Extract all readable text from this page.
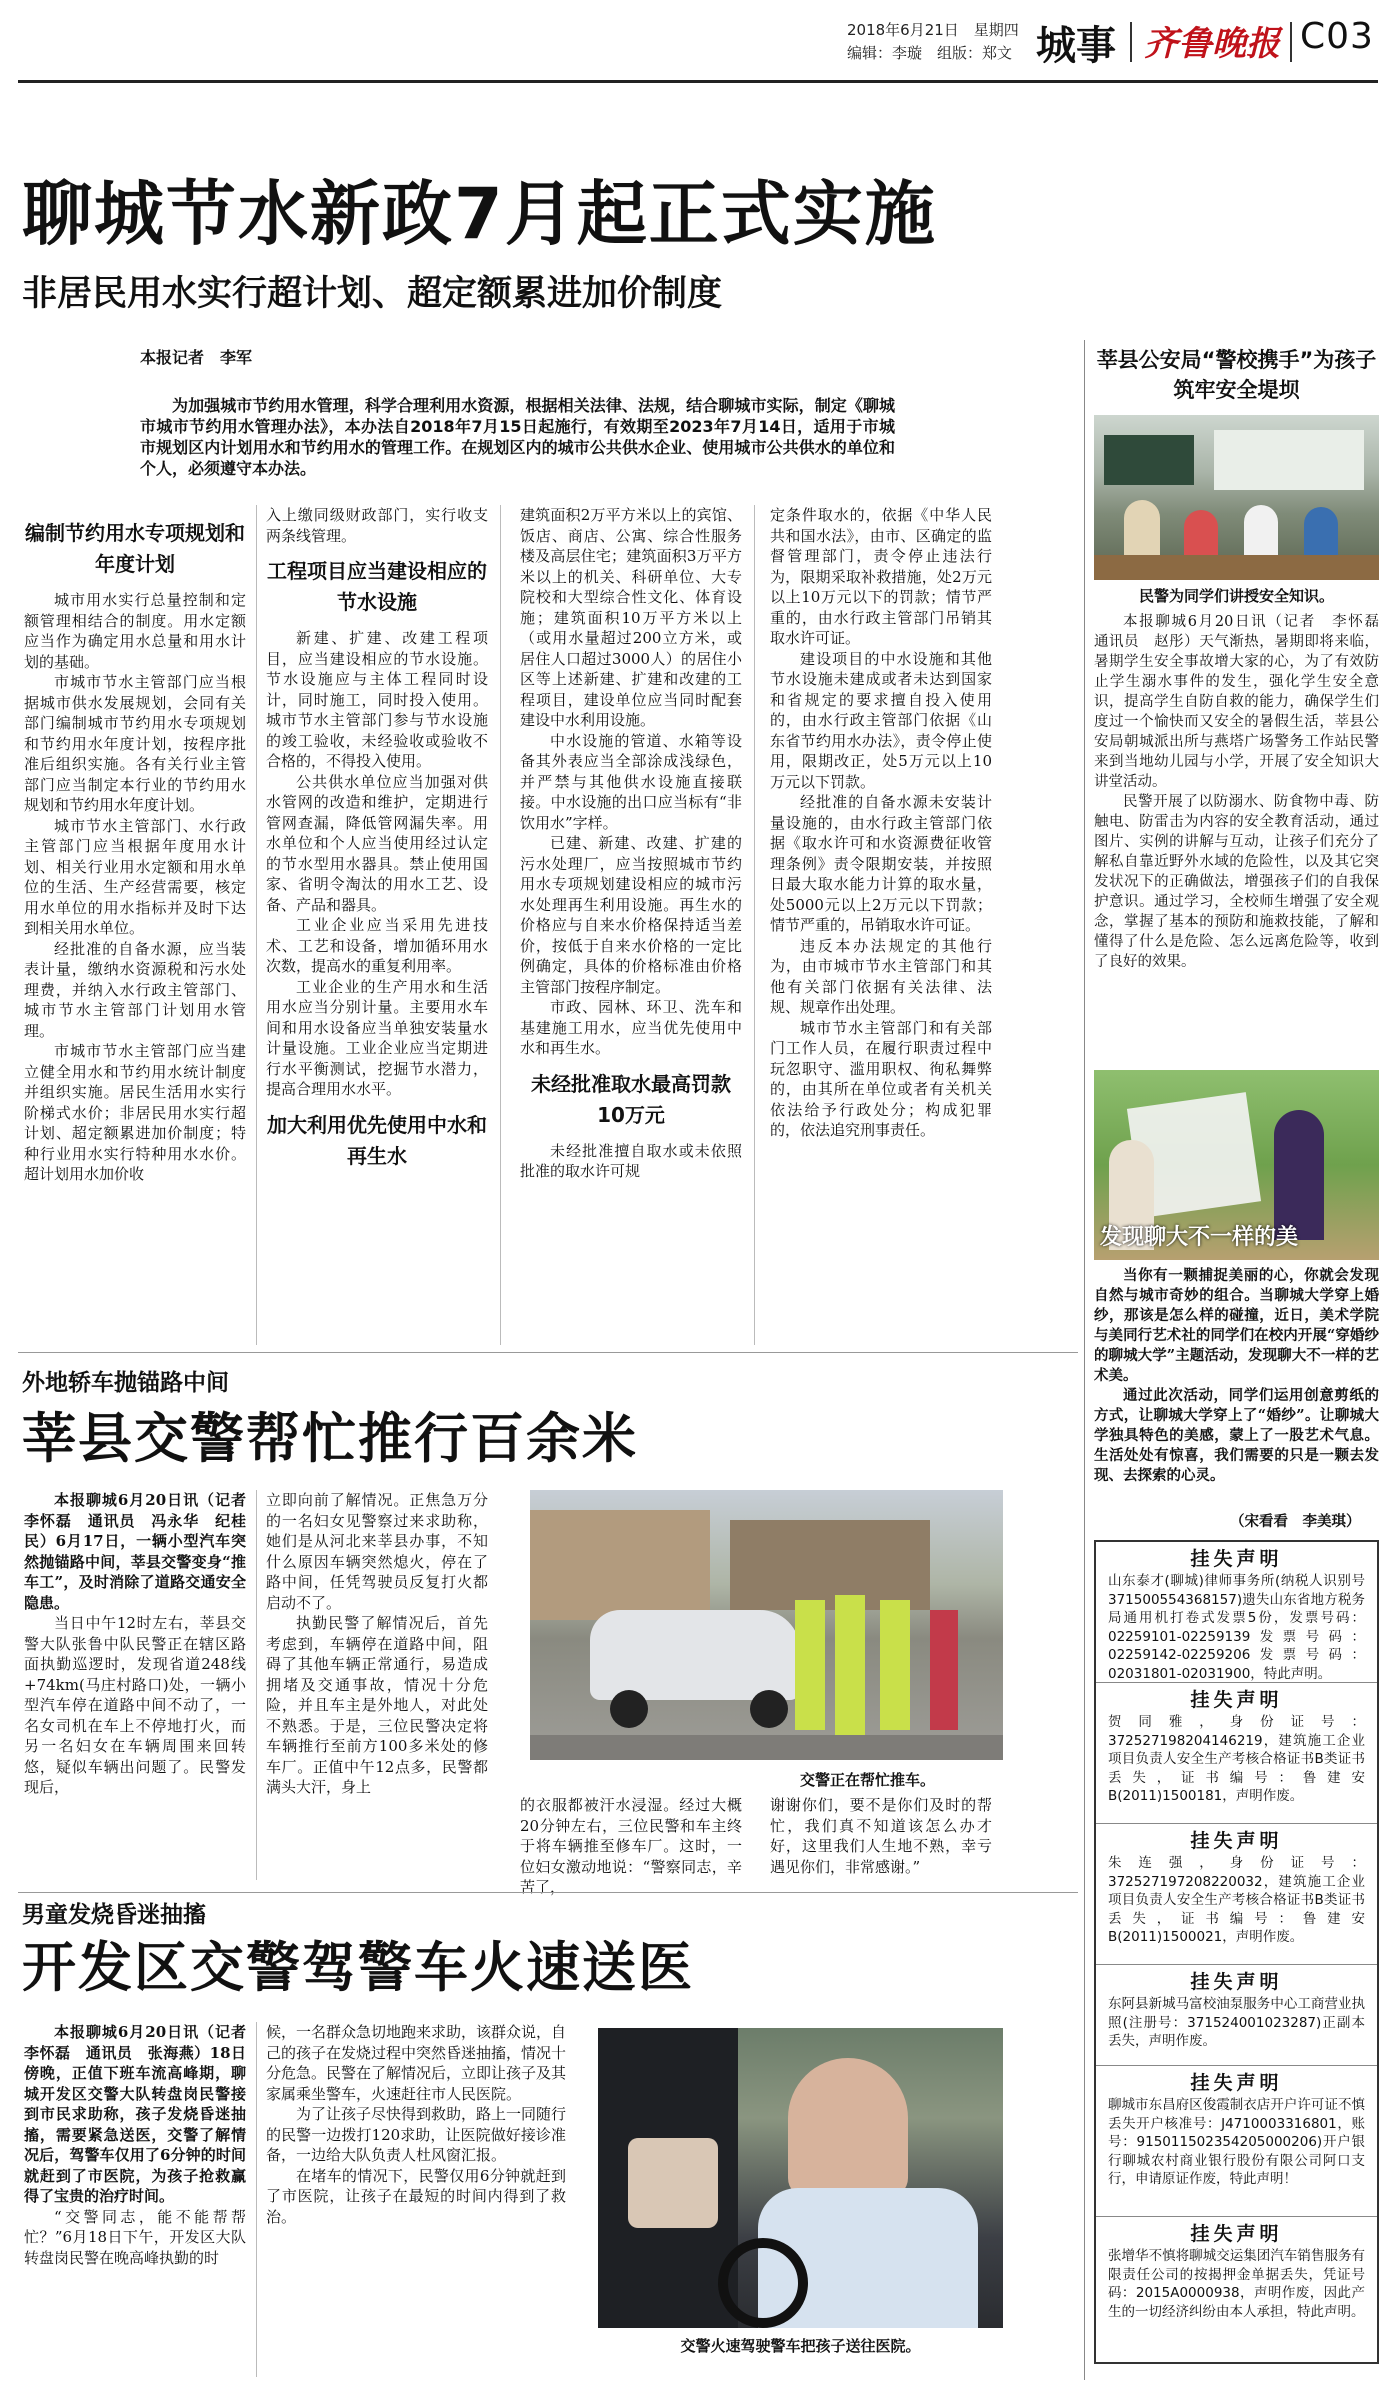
2018年6月21日　星期四
编辑：李璇　组版：郑文 城事 齐鲁晚报 C03
聊城节水新政7月起正式实施
非居民用水实行超计划、超定额累进加价制度
本报记者　李军
为加强城市节约用水管理，科学合理利用水资源，根据相关法律、法规，结合聊城市实际，制定《聊城市城市节约用水管理办法》，本办法自2018年7月15日起施行，有效期至2023年7月14日，适用于市城市规划区内计划用水和节约用水的管理工作。在规划区内的城市公共供水企业、使用城市公共供水的单位和个人，必须遵守本办法。
编制节约用水专项规划和年度计划

城市用水实行总量控制和定额管理相结合的制度。用水定额应当作为确定用水总量和用水计划的基础。

市城市节水主管部门应当根据城市供水发展规划，会同有关部门编制城市节约用水专项规划和节约用水年度计划，按程序批准后组织实施。各有关行业主管部门应当制定本行业的节约用水规划和节约用水年度计划。

城市节水主管部门、水行政主管部门应当根据年度用水计划、相关行业用水定额和用水单位的生活、生产经营需要，核定用水单位的用水指标并及时下达到相关用水单位。

经批准的自备水源，应当装表计量，缴纳水资源税和污水处理费，并纳入水行政主管部门、城市节水主管部门计划用水管理。

市城市节水主管部门应当建立健全用水和节约用水统计制度并组织实施。居民生活用水实行阶梯式水价；非居民用水实行超计划、超定额累进加价制度；特种行业用水实行特种用水水价。超计划用水加价收

入上缴同级财政部门，实行收支两条线管理。

工程项目应当建设相应的节水设施

新建、扩建、改建工程项目，应当建设相应的节水设施。节水设施应与主体工程同时设计，同时施工，同时投入使用。城市节水主管部门参与节水设施的竣工验收，未经验收或验收不合格的，不得投入使用。

公共供水单位应当加强对供水管网的改造和维护，定期进行管网查漏，降低管网漏失率。用水单位和个人应当使用经过认定的节水型用水器具。禁止使用国家、省明令淘汰的用水工艺、设备、产品和器具。

工业企业应当采用先进技术、工艺和设备，增加循环用水次数，提高水的重复利用率。

工业企业的生产用水和生活用水应当分别计量。主要用水车间和用水设备应当单独安装量水计量设施。工业企业应当定期进行水平衡测试，挖掘节水潜力，提高合理用水水平。

加大利用优先使用中水和再生水

建筑面积2万平方米以上的宾馆、饭店、商店、公寓、综合性服务楼及高层住宅；建筑面积3万平方米以上的机关、科研单位、大专院校和大型综合性文化、体育设施；建筑面积10万平方米以上（或用水量超过200立方米，或居住人口超过3000人）的居住小区等上述新建、扩建和改建的工程项目，建设单位应当同时配套建设中水利用设施。

中水设施的管道、水箱等设备其外表应当全部涂成浅绿色，并严禁与其他供水设施直接联接。中水设施的出口应当标有“非饮用水”字样。

已建、新建、改建、扩建的污水处理厂，应当按照城市节约用水专项规划建设相应的城市污水处理再生利用设施。再生水的价格应与自来水价格保持适当差价，按低于自来水价格的一定比例确定，具体的价格标准由价格主管部门按程序制定。

市政、园林、环卫、洗车和基建施工用水，应当优先使用中水和再生水。

未经批准取水最高罚款10万元

未经批准擅自取水或未依照批准的取水许可规

定条件取水的，依据《中华人民共和国水法》，由市、区确定的监督管理部门，责令停止违法行为，限期采取补救措施，处2万元以上10万元以下的罚款；情节严重的，由水行政主管部门吊销其取水许可证。

建设项目的中水设施和其他节水设施未建成或者未达到国家和省规定的要求擅自投入使用的，由水行政主管部门依据《山东省节约用水办法》，责令停止使用，限期改正，处5万元以上10万元以下罚款。

经批准的自备水源未安装计量设施的，由水行政主管部门依据《取水许可和水资源费征收管理条例》责令限期安装，并按照日最大取水能力计算的取水量，处5000元以上2万元以下罚款；情节严重的，吊销取水许可证。

违反本办法规定的其他行为，由市城市节水主管部门和其他有关部门依据有关法律、法规、规章作出处理。

城市节水主管部门和有关部门工作人员，在履行职责过程中玩忽职守、滥用职权、徇私舞弊的，由其所在单位或者有关机关依法给予行政处分；构成犯罪的，依法追究刑事责任。

莘县公安局“警校携手”为孩子筑牢安全堤坝
民警为同学们讲授安全知识。

本报聊城6月20日讯（记者　李怀磊　通讯员　赵彤）天气渐热，暑期即将来临，暑期学生安全事故增大家的心，为了有效防止学生溺水事件的发生，强化学生安全意识，提高学生自防自救的能力，确保学生们度过一个愉快而又安全的暑假生活，莘县公安局朝城派出所与燕塔广场警务工作站民警来到当地幼儿园与小学，开展了安全知识大讲堂活动。

民警开展了以防溺水、防食物中毒、防触电、防雷击为内容的安全教育活动，通过图片、实例的讲解与互动，让孩子们充分了解私自靠近野外水域的危险性，以及其它突发状况下的正确做法，增强孩子们的自我保护意识。通过学习，全校师生增强了安全观念，掌握了基本的预防和施救技能，了解和懂得了什么是危险、怎么远离危险等，收到了良好的效果。

发现聊大不一样的美

当你有一颗捕捉美丽的心，你就会发现自然与城市奇妙的组合。当聊城大学穿上婚纱，那该是怎么样的碰撞，近日，美术学院与美同行艺术社的同学们在校内开展“穿婚纱的聊城大学”主题活动，发现聊大不一样的艺术美。

通过此次活动，同学们运用创意剪纸的方式，让聊城大学穿上了“婚纱”。让聊城大学独具特色的美感，蒙上了一股艺术气息。生活处处有惊喜，我们需要的只是一颗去发现、去探索的心灵。

（宋看看　李美琪）
挂失声明
山东泰才(聊城)律师事务所(纳税人识别号371500554368157)遗失山东省地方税务局通用机打卷式发票5份，发票号码：02259101-02259139发票号码：02259142-02259206发票号码：02031801-02031900，特此声明。
挂失声明
贺同雅，身份证号：372527198204146219，建筑施工企业项目负责人安全生产考核合格证书B类证书丢失，证书编号：鲁建安B(2011)1500181，声明作废。
挂失声明
朱连强，身份证号：372527197208220032，建筑施工企业项目负责人安全生产考核合格证书B类证书丢失，证书编号：鲁建安B(2011)1500021，声明作废。
挂失声明
东阿县新城马富校油泵服务中心工商营业执照(注册号：371524001023287)正副本丢失，声明作废。
挂失声明
聊城市东昌府区俊霞制衣店开户许可证不慎丢失开户核准号：J4710003316801，账号：915011502354205000206)开户银行聊城农村商业银行股份有限公司阿口支行，申请原证作废，特此声明！
挂失声明
张增华不慎将聊城交运集团汽车销售服务有限责任公司的按揭押金单据丢失，凭证号码：2015A0000938，声明作废，因此产生的一切经济纠纷由本人承担，特此声明。
外地轿车抛锚路中间
莘县交警帮忙推行百余米

本报聊城6月20日讯（记者　李怀磊　通讯员　冯永华　纪桂民）6月17日，一辆小型汽车突然抛锚路中间，莘县交警变身“推车工”，及时消除了道路交通安全隐患。

当日中午12时左右，莘县交警大队张鲁中队民警正在辖区路面执勤巡逻时，发现省道248线+74km(马庄村路口)处，一辆小型汽车停在道路中间不动了，一名女司机在车上不停地打火，而另一名妇女在车辆周围来回转悠，疑似车辆出问题了。民警发现后，

立即向前了解情况。正焦急万分的一名妇女见警察过来求助称，她们是从河北来莘县办事，不知什么原因车辆突然熄火，停在了路中间，任凭驾驶员反复打火都启动不了。

执勤民警了解情况后，首先考虑到，车辆停在道路中间，阻碍了其他车辆正常通行，易造成拥堵及交通事故，情况十分危险，并且车主是外地人，对此处不熟悉。于是，三位民警决定将车辆推行至前方100多米处的修车厂。正值中午12点多，民警都满头大汗，身上	交警正在帮忙推车。

的衣服都被汗水浸湿。经过大概20分钟左右，三位民警和车主终于将车辆推至修车厂。这时，一位妇女激动地说：“警察同志，辛苦了，

谢谢你们，要不是你们及时的帮忙，我们真不知道该怎么办才好，这里我们人生地不熟，幸亏遇见你们，非常感谢。”

男童发烧昏迷抽搐
开发区交警驾警车火速送医

本报聊城6月20日讯（记者　李怀磊　通讯员　张海燕）18日傍晚，正值下班车流高峰期，聊城开发区交警大队转盘岗民警接到市民求助称，孩子发烧昏迷抽搐，需要紧急送医，交警了解情况后，驾警车仅用了6分钟的时间就赶到了市医院，为孩子抢救赢得了宝贵的治疗时间。

“交警同志，能不能帮帮忙？”6月18日下午，开发区大队转盘岗民警在晚高峰执勤的时

候，一名群众急切地跑来求助，该群众说，自己的孩子在发烧过程中突然昏迷抽搐，情况十分危急。民警在了解情况后，立即让孩子及其家属乘坐警车，火速赶往市人民医院。

为了让孩子尽快得到救助，路上一同随行的民警一边拨打120求助，让医院做好接诊准备，一边给大队负责人杜风窗汇报。

在堵车的情况下，民警仅用6分钟就赶到了市医院，让孩子在最短的时间内得到了救治。

交警火速驾驶警车把孩子送往医院。
